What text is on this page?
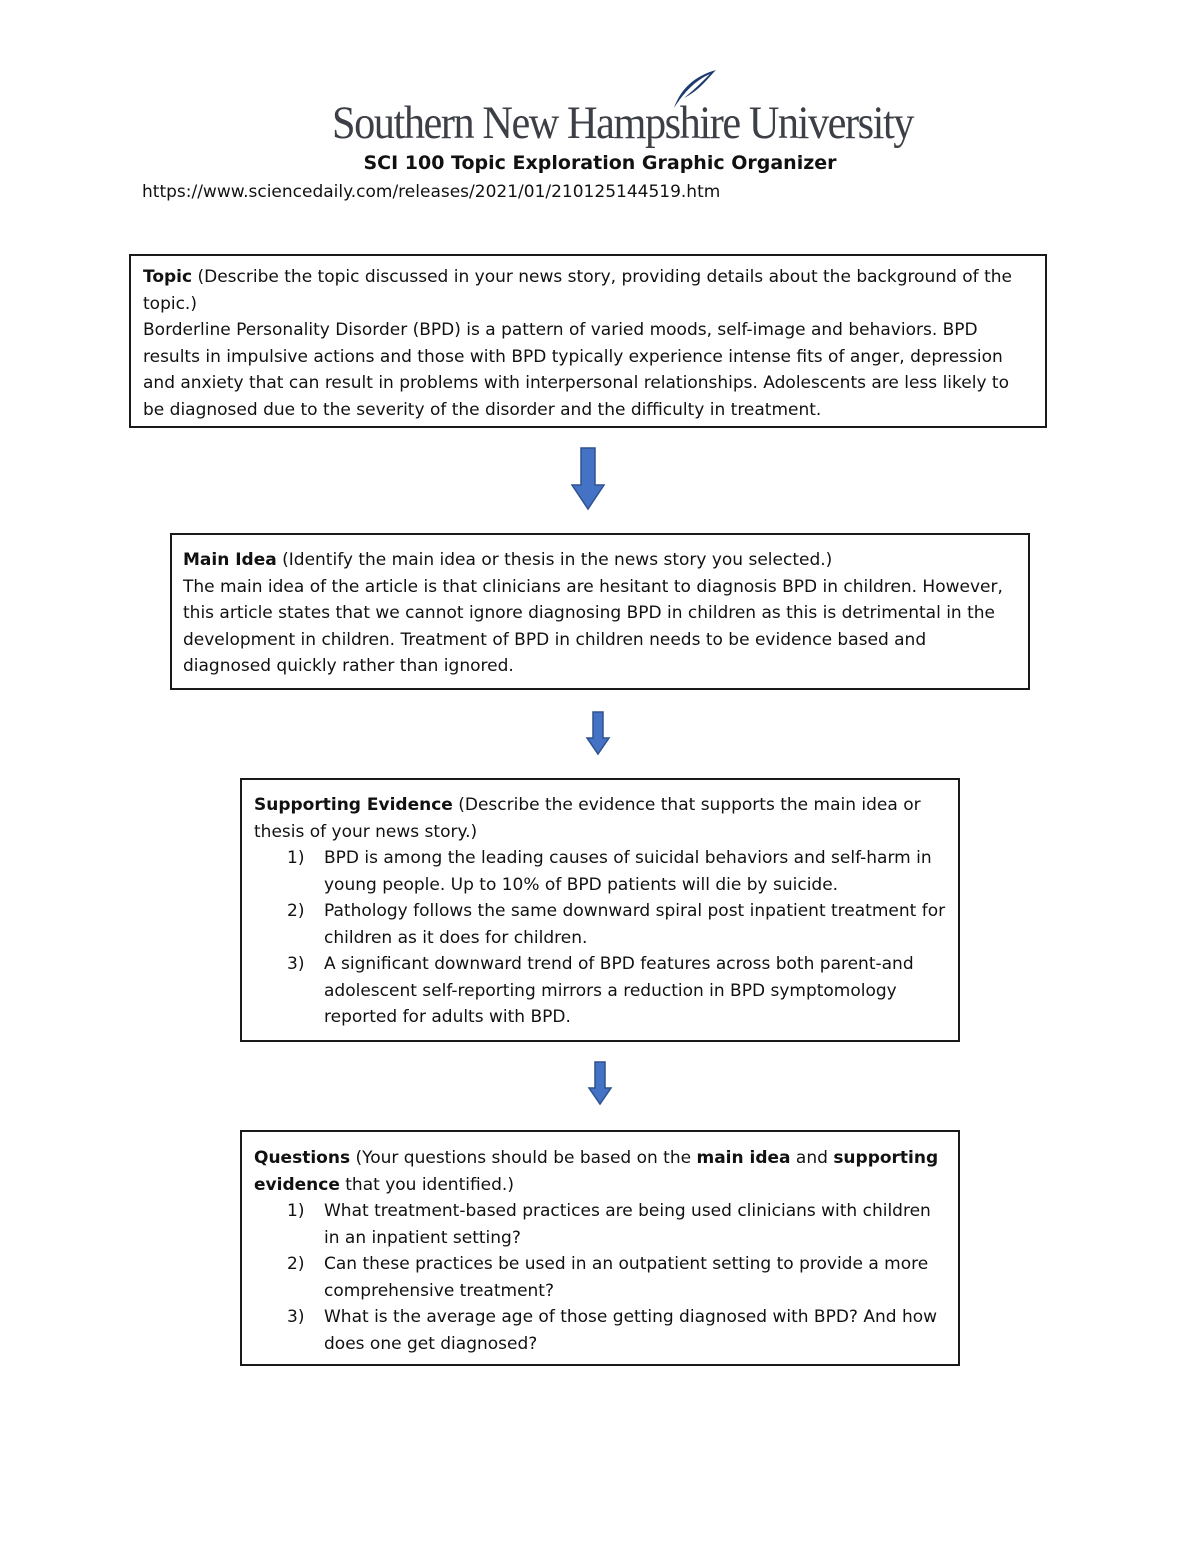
Southern New Hampshire University
SCI 100 Topic Exploration Graphic Organizer
https://www.sciencedaily.com/releases/2021/01/210125144519.htm

Topic (Describe the topic discussed in your news story, providing details about the background of the topic.)

Borderline Personality Disorder (BPD) is a pattern of varied moods, self-image and behaviors. BPD results in impulsive actions and those with BPD typically experience intense fits of anger, depression and anxiety that can result in problems with interpersonal relationships. Adolescents are less likely to be diagnosed due to the severity of the disorder and the difficulty in treatment.

Main Idea (Identify the main idea or thesis in the news story you selected.)

The main idea of the article is that clinicians are hesitant to diagnosis BPD in children. However, this article states that we cannot ignore diagnosing BPD in children as this is detrimental in the development in children. Treatment of BPD in children needs to be evidence based and diagnosed quickly rather than ignored.

Supporting Evidence (Describe the evidence that supports the main idea or thesis of your news story.)

1) BPD is among the leading causes of suicidal behaviors and self-harm in young people. Up to 10% of BPD patients will die by suicide.
2) Pathology follows the same downward spiral post inpatient treatment for children as it does for children.
3) A significant downward trend of BPD features across both parent-and adolescent self-reporting mirrors a reduction in BPD symptomology reported for adults with BPD.

Questions (Your questions should be based on the main idea and supporting evidence that you identified.)

1) What treatment-based practices are being used clinicians with children in an inpatient setting?
2) Can these practices be used in an outpatient setting to provide a more comprehensive treatment?
3) What is the average age of those getting diagnosed with BPD? And how does one get diagnosed?
